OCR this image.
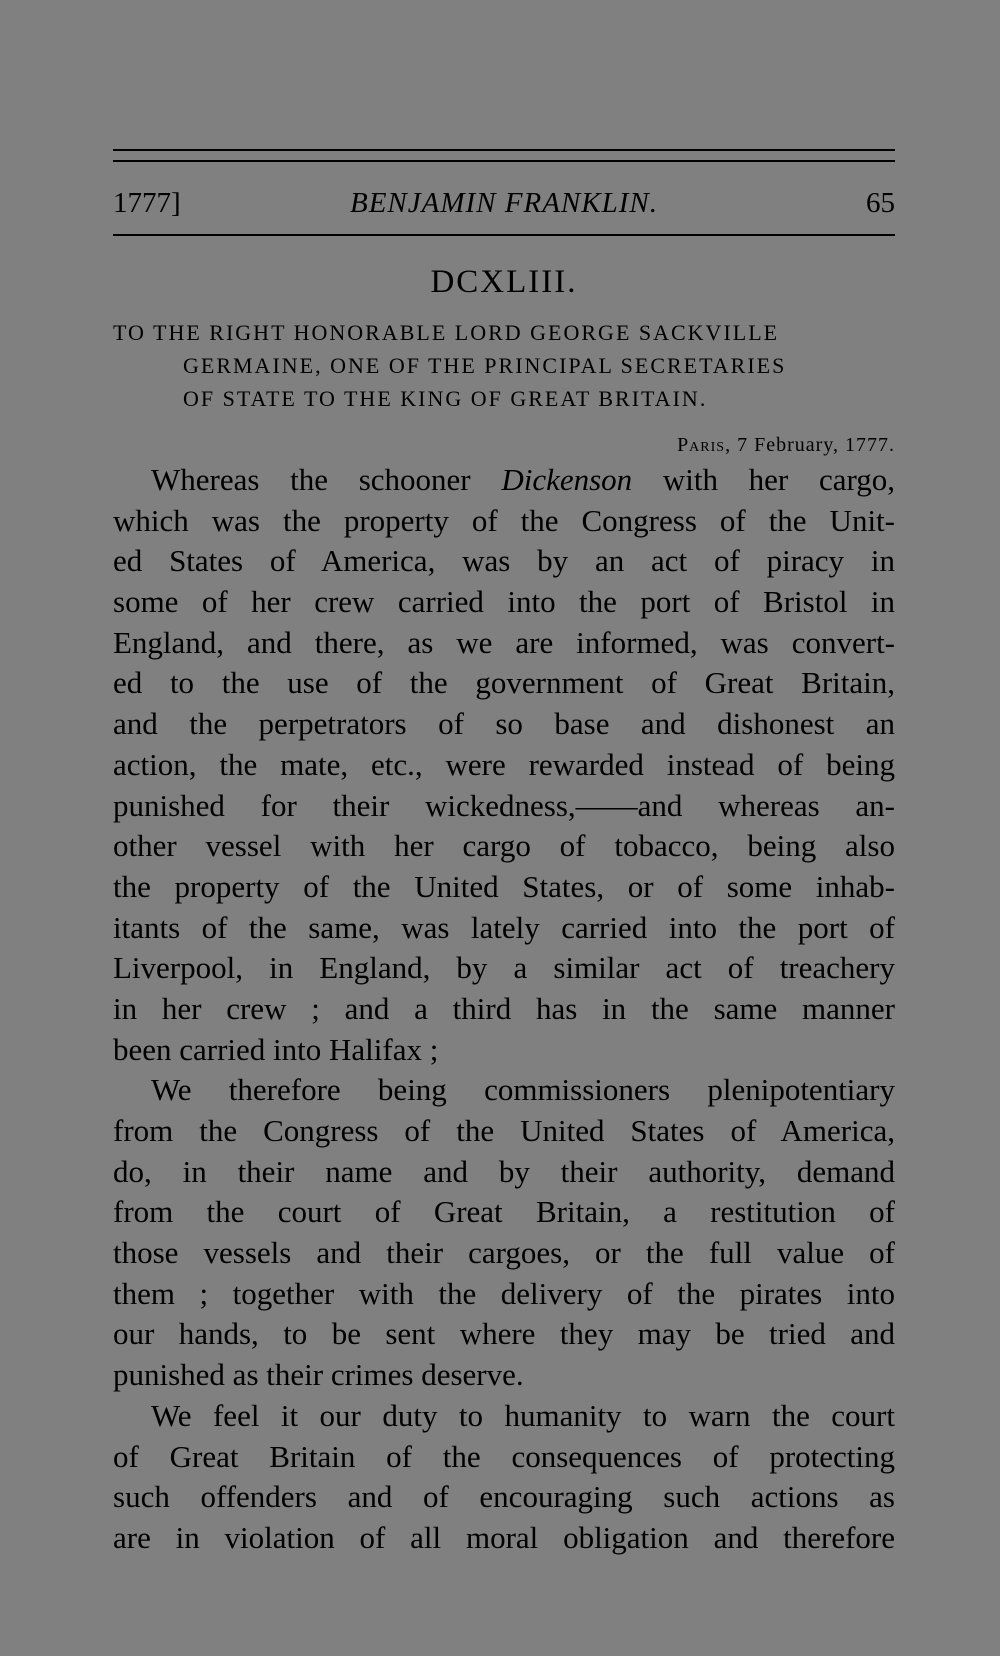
1777]	BENJAMIN FRANKLIN.	65
DCXLIII.
TO THE RIGHT HONORABLE LORD GEORGE SACKVILLE
GERMAINE, ONE OF THE PRINCIPAL SECRETARIES
OF STATE TO THE KING OF GREAT BRITAIN.
Paris, 7 February, 1777.
Whereas the schooner Dickenson with her cargo,
which was the property of the Congress of the Unit-
ed States of America, was by an act of piracy in
some of her crew carried into the port of Bristol in
England, and there, as we are informed, was convert-
ed to the use of the government of Great Britain,
and the perpetrators of so base and dishonest an
action, the mate, etc., were rewarded instead of being
punished for their wickedness,——and whereas an-
other vessel with her cargo of tobacco, being also
the property of the United States, or of some inhab-
itants of the same, was lately carried into the port of
Liverpool, in England, by a similar act of treachery
in her crew ; and a third has in the same manner
been carried into Halifax ;
We therefore being commissioners plenipotentiary
from the Congress of the United States of America,
do, in their name and by their authority, demand
from the court of Great Britain, a restitution of
those vessels and their cargoes, or the full value of
them ; together with the delivery of the pirates into
our hands, to be sent where they may be tried and
punished as their crimes deserve.
We feel it our duty to humanity to warn the court
of Great Britain of the consequences of protecting
such offenders and of encouraging such actions as
are in violation of all moral obligation and therefore
